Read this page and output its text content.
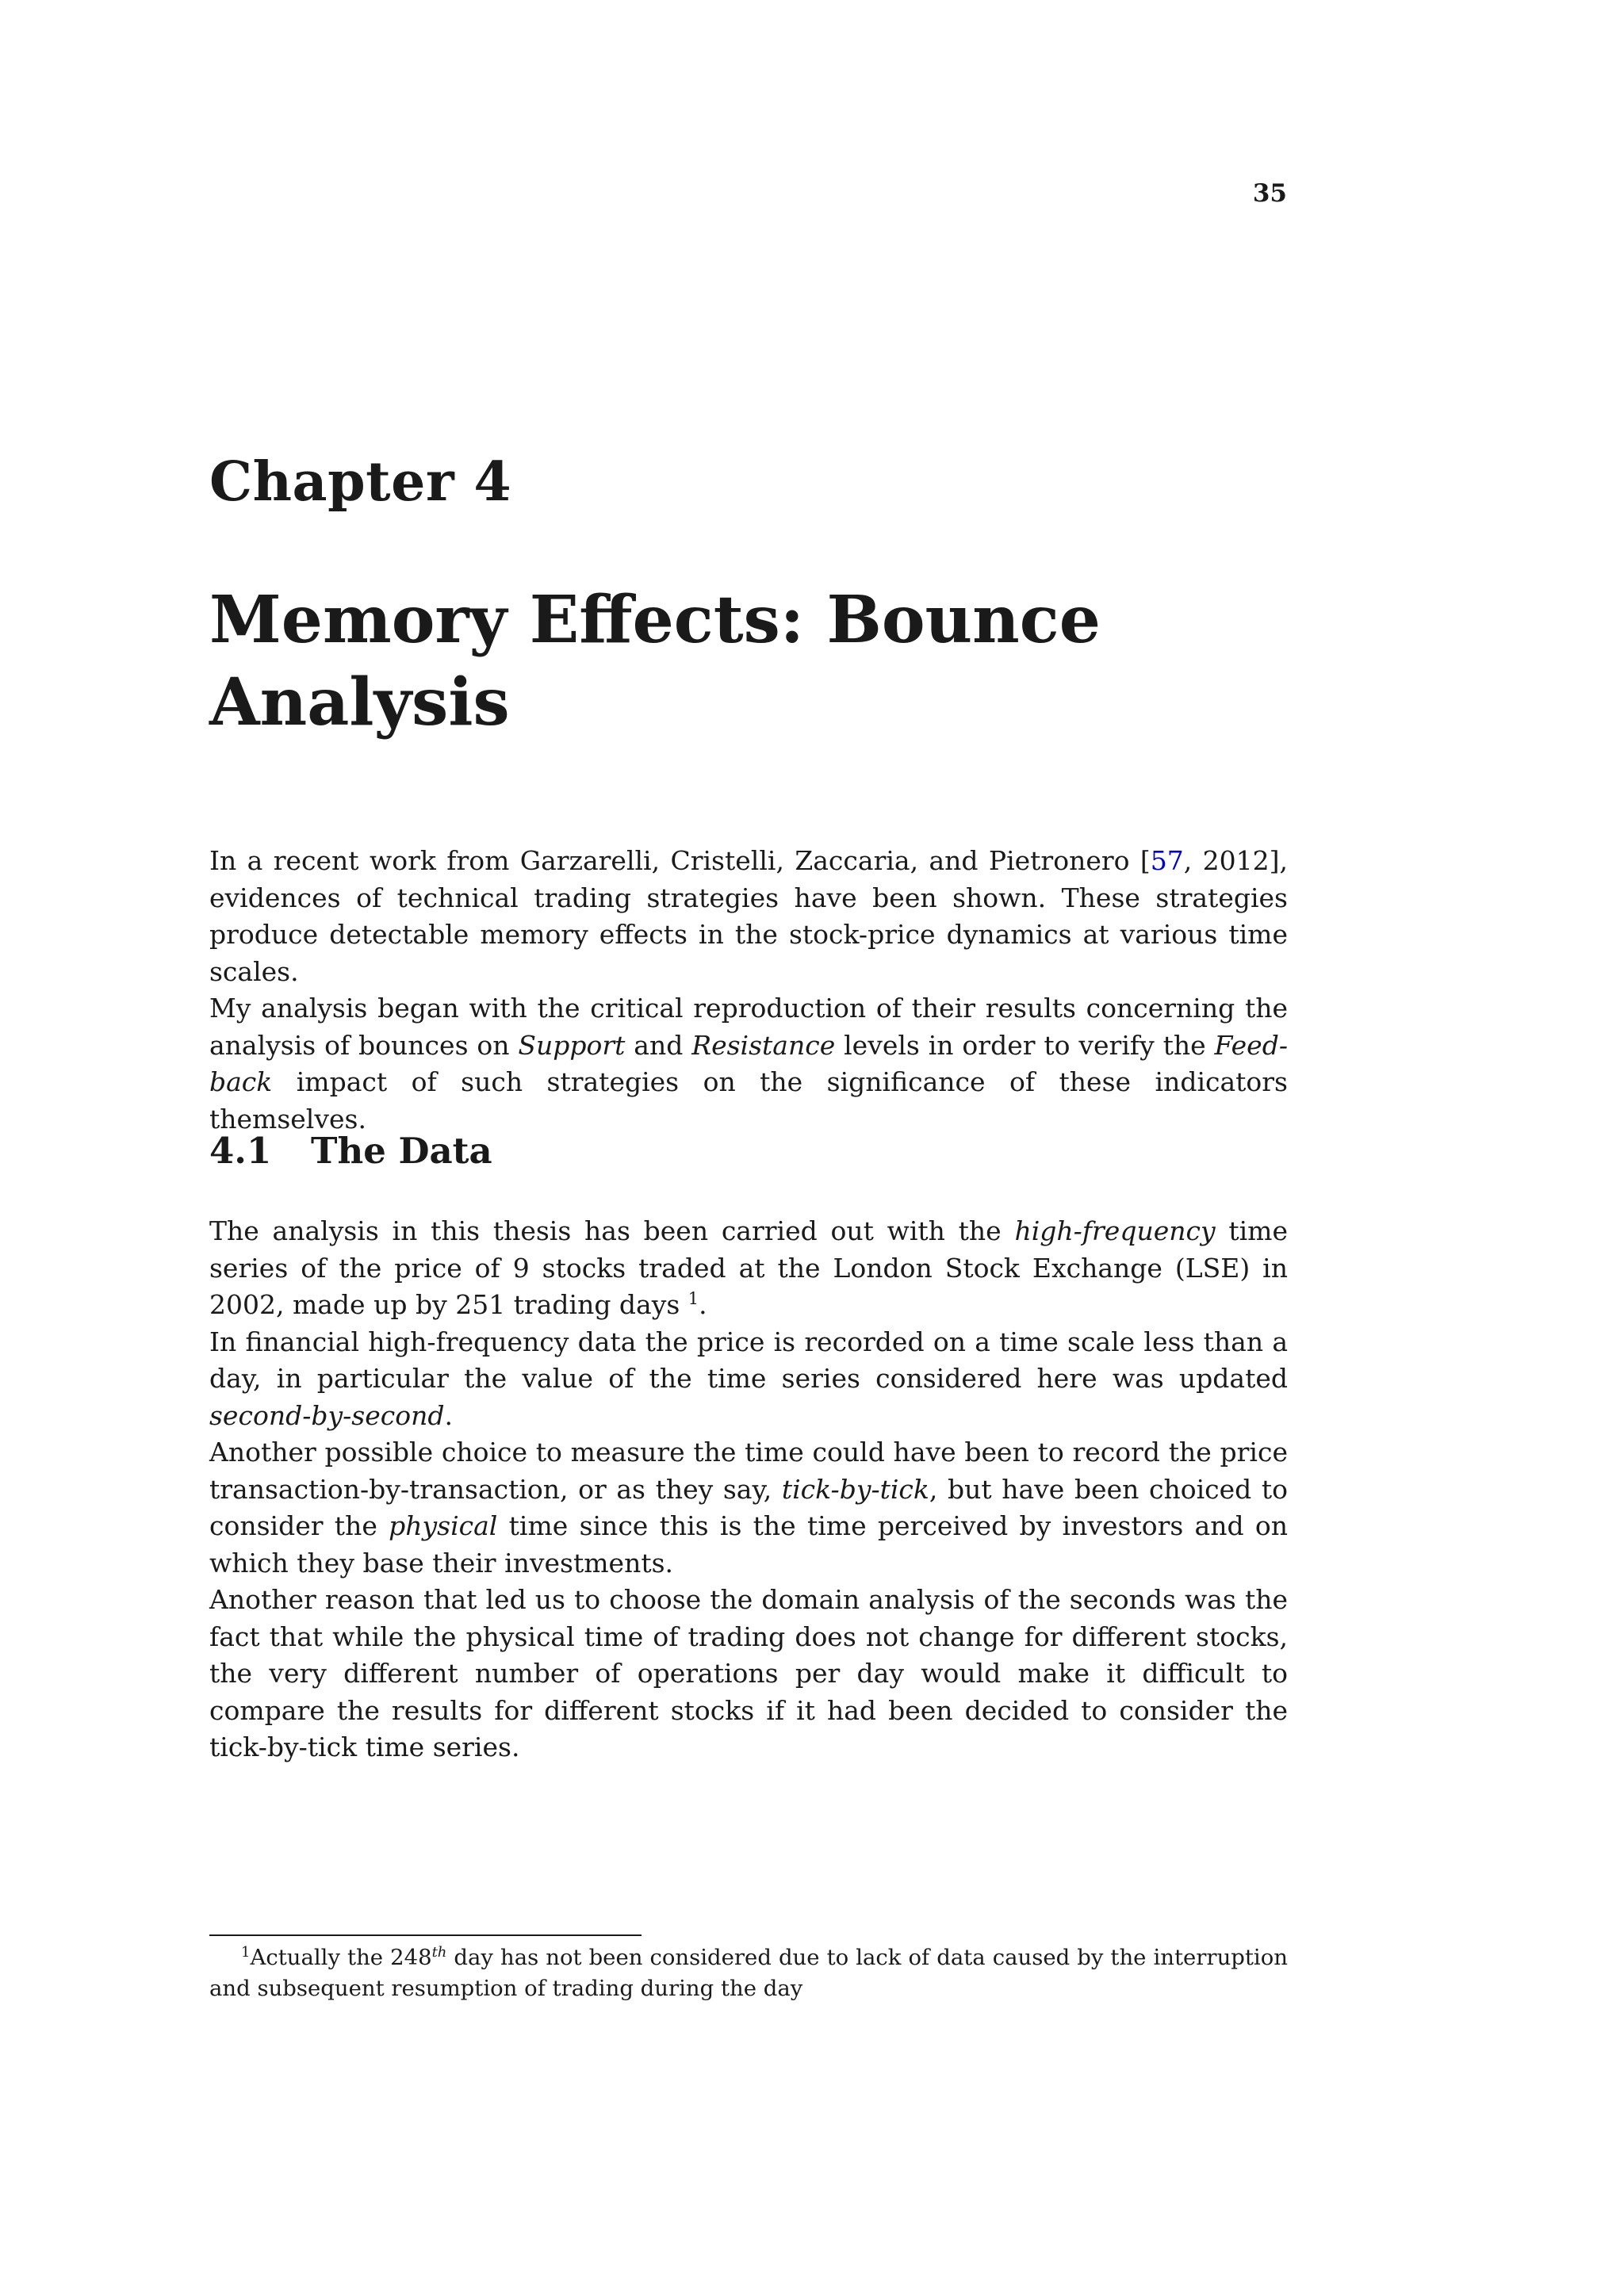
35
Chapter 4
Memory Effects: Bounce Analysis

In a recent work from Garzarelli, Cristelli, Zaccaria, and Pietronero [57, 2012], evidences of technical trading strategies have been shown. These strategies produce detectable memory effects in the stock-price dynamics at various time scales.

My analysis began with the critical reproduction of their results concerning the analysis of bounces on Support and Resistance levels in order to verify the Feed-back impact of such strategies on the significance of these indicators themselves.

4.1 The Data

The analysis in this thesis has been carried out with the high-frequency time series of the price of 9 stocks traded at the London Stock Exchange (LSE) in 2002, made up by 251 trading days $^1$.

In financial high-frequency data the price is recorded on a time scale less than a day, in particular the value of the time series considered here was updated second-by-second.

Another possible choice to measure the time could have been to record the price transaction-by-transaction, or as they say, tick-by-tick, but have been choiced to consider the physical time since this is the time perceived by investors and on which they base their investments.

Another reason that led us to choose the domain analysis of the seconds was the fact that while the physical time of trading does not change for different stocks, the very different number of operations per day would make it difficult to compare the results for different stocks if it had been decided to consider the tick-by-tick time series.

$^1$Actually the 248th day has not been considered due to lack of data caused by the interruption and subsequent resumption of trading during the day
